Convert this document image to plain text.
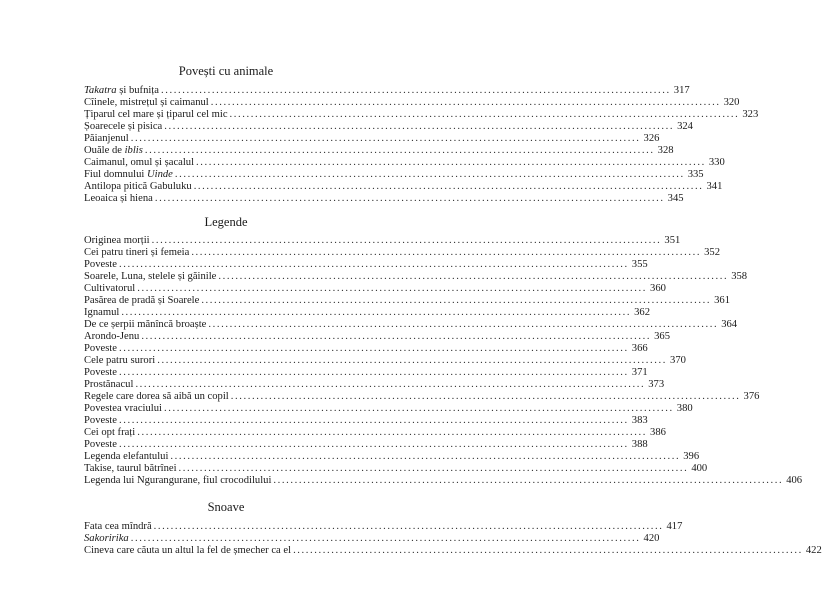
Povești cu animale
Takatra și bufnița ........................................................................................................................ 317
Cîinele, mistrețul și caimanul ........................................................................................................................ 320
Țiparul cel mare și țiparul cel mic ........................................................................................................................ 323
Șoarecele și pisica ........................................................................................................................ 324
Păianjenul ........................................................................................................................ 326
Ouăle de iblis ........................................................................................................................ 328
Caimanul, omul și șacalul ........................................................................................................................ 330
Fiul domnului Uinde ........................................................................................................................ 335
Antilopa pitică Gabuluku ........................................................................................................................ 341
Leoaica și hiena ........................................................................................................................ 345
Legende
Originea morții ........................................................................................................................ 351
Cei patru tineri și femeia ........................................................................................................................ 352
Poveste ........................................................................................................................ 355
Soarele, Luna, stelele și găinile ........................................................................................................................ 358
Cultivatorul ........................................................................................................................ 360
Pasărea de pradă și Soarele ........................................................................................................................ 361
Ignamul ........................................................................................................................ 362
De ce șerpii mănîncă broaște ........................................................................................................................ 364
Arondo-Jenu ........................................................................................................................ 365
Poveste ........................................................................................................................ 366
Cele patru surori ........................................................................................................................ 370
Poveste ........................................................................................................................ 371
Prostănacul ........................................................................................................................ 373
Regele care dorea să aibă un copil ........................................................................................................................ 376
Povestea vraciului ........................................................................................................................ 380
Poveste ........................................................................................................................ 383
Cei opt frați ........................................................................................................................ 386
Poveste ........................................................................................................................ 388
Legenda elefantului ........................................................................................................................ 396
Takise, taurul bătrînei ........................................................................................................................ 400
Legenda lui Ngurangurane, fiul crocodilului ........................................................................................................................ 406
Snoave
Fata cea mîndră ........................................................................................................................ 417
Sakoririka ........................................................................................................................ 420
Cineva care căuta un altul la fel de șmecher ca el ........................................................................................................................ 422
